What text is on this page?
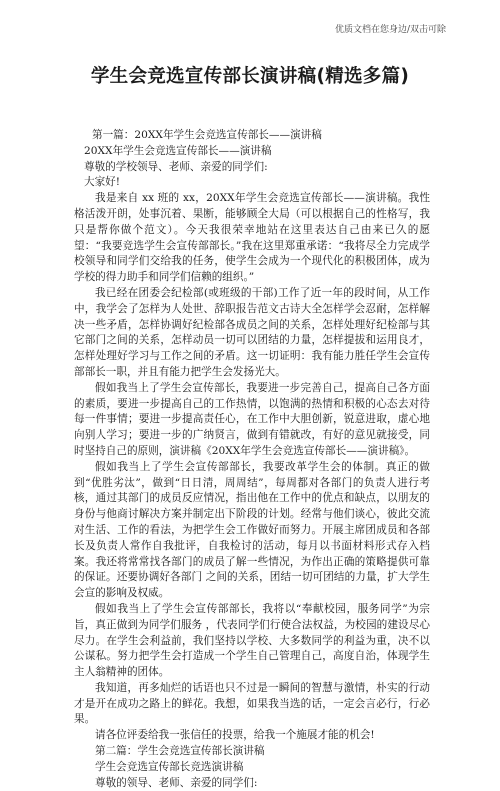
优质文档在您身边/双击可除
学生会竞选宣传部长演讲稿(精选多篇)

第一篇：20XX年学生会竞选宣传部长——演讲稿

20XX年学生会竞选宣传部长——演讲稿

尊敬的学校领导、老师、亲爱的同学们:

大家好!

我是来自 xx 班的 xx，20XX年学生会竞选宣传部长——演讲稿。我性格活泼开朗，处事沉着、果断，能够顾全大局（可以根据自己的性格写，我只是帮你做个范文）。今天我很荣幸地站在这里表达自己由来已久的愿望：“我要竞选学生会宣传部部长。”我在这里郑重承诺：“我将尽全力完成学校领导和同学们交给我的任务，使学生会成为一个现代化的积极团体，成为学校的得力助手和同学们信赖的组织。”

我已经在团委会纪检部(或班级的干部)工作了近一年的段时间，从工作中，我学会了怎样为人处世、辞职报告范文古诗大全怎样学会忍耐，怎样解决一些矛盾，怎样协调好纪检部各成员之间的关系，怎样处理好纪检部与其它部门之间的关系，怎样动员一切可以团结的力量，怎样提拔和运用良才，怎样处理好学习与工作之间的矛盾。这一切证明：我有能力胜任学生会宣传部部长一职，并且有能力把学生会发扬光大。

假如我当上了学生会宣传部长，我要进一步完善自己，提高自己各方面的素质，要进一步提高自己的工作热情，以饱满的热情和积极的心态去对待每一件事情；要进一步提高责任心，在工作中大胆创新，锐意进取，虚心地向别人学习；要进一步的广纳贤言，做到有错就改，有好的意见就接受，同时坚持自己的原则，演讲稿《20XX年学生会竞选宣传部长——演讲稿》。

假如我当上了学生会宣传部部长，我要改革学生会的体制。真正的做到“优胜劣汰”，做到“日日清，周周结”，每周都对各部门的负责人进行考核，通过其部门的成员反应情况，指出他在工作中的优点和缺点，以朋友的身份与他商讨解决方案并制定出下阶段的计划。经常与他们谈心，彼此交流对生活、工作的看法，为把学生会工作做好而努力。开展主席团成员和各部长及负责人常作自我批评，自我检讨的活动，每月以书面材料形式存入档案。我还将常常找各部门的成员了解一些情况，为作出正确的策略提供可靠的保证。还要协调好各部门 之间的关系，团结一切可团结的力量，扩大学生会宣的影响及权威。

假如我当上了学生会宣传部部长，我将以“奉献校园，服务同学”为宗旨，真正做到为同学们服务 ，代表同学们行使合法权益，为校园的建设尽心尽力。在学生会利益前，我们坚持以学校、大多数同学的利益为重，决不以公谋私。努力把学生会打造成一个学生自己管理自己，高度自治，体现学生主人翁精神的团体。

我知道，再多灿烂的话语也只不过是一瞬间的智慧与激情，朴实的行动才是开在成功之路上的鲜花。我想，如果我当选的话，一定会言必行，行必果。

请各位评委给我一张信任的投票，给我一个施展才能的机会!

第二篇：学生会竞选宣传部长演讲稿

学生会竞选宣传部长竞选演讲稿

尊敬的领导、老师、亲爱的同学们:
